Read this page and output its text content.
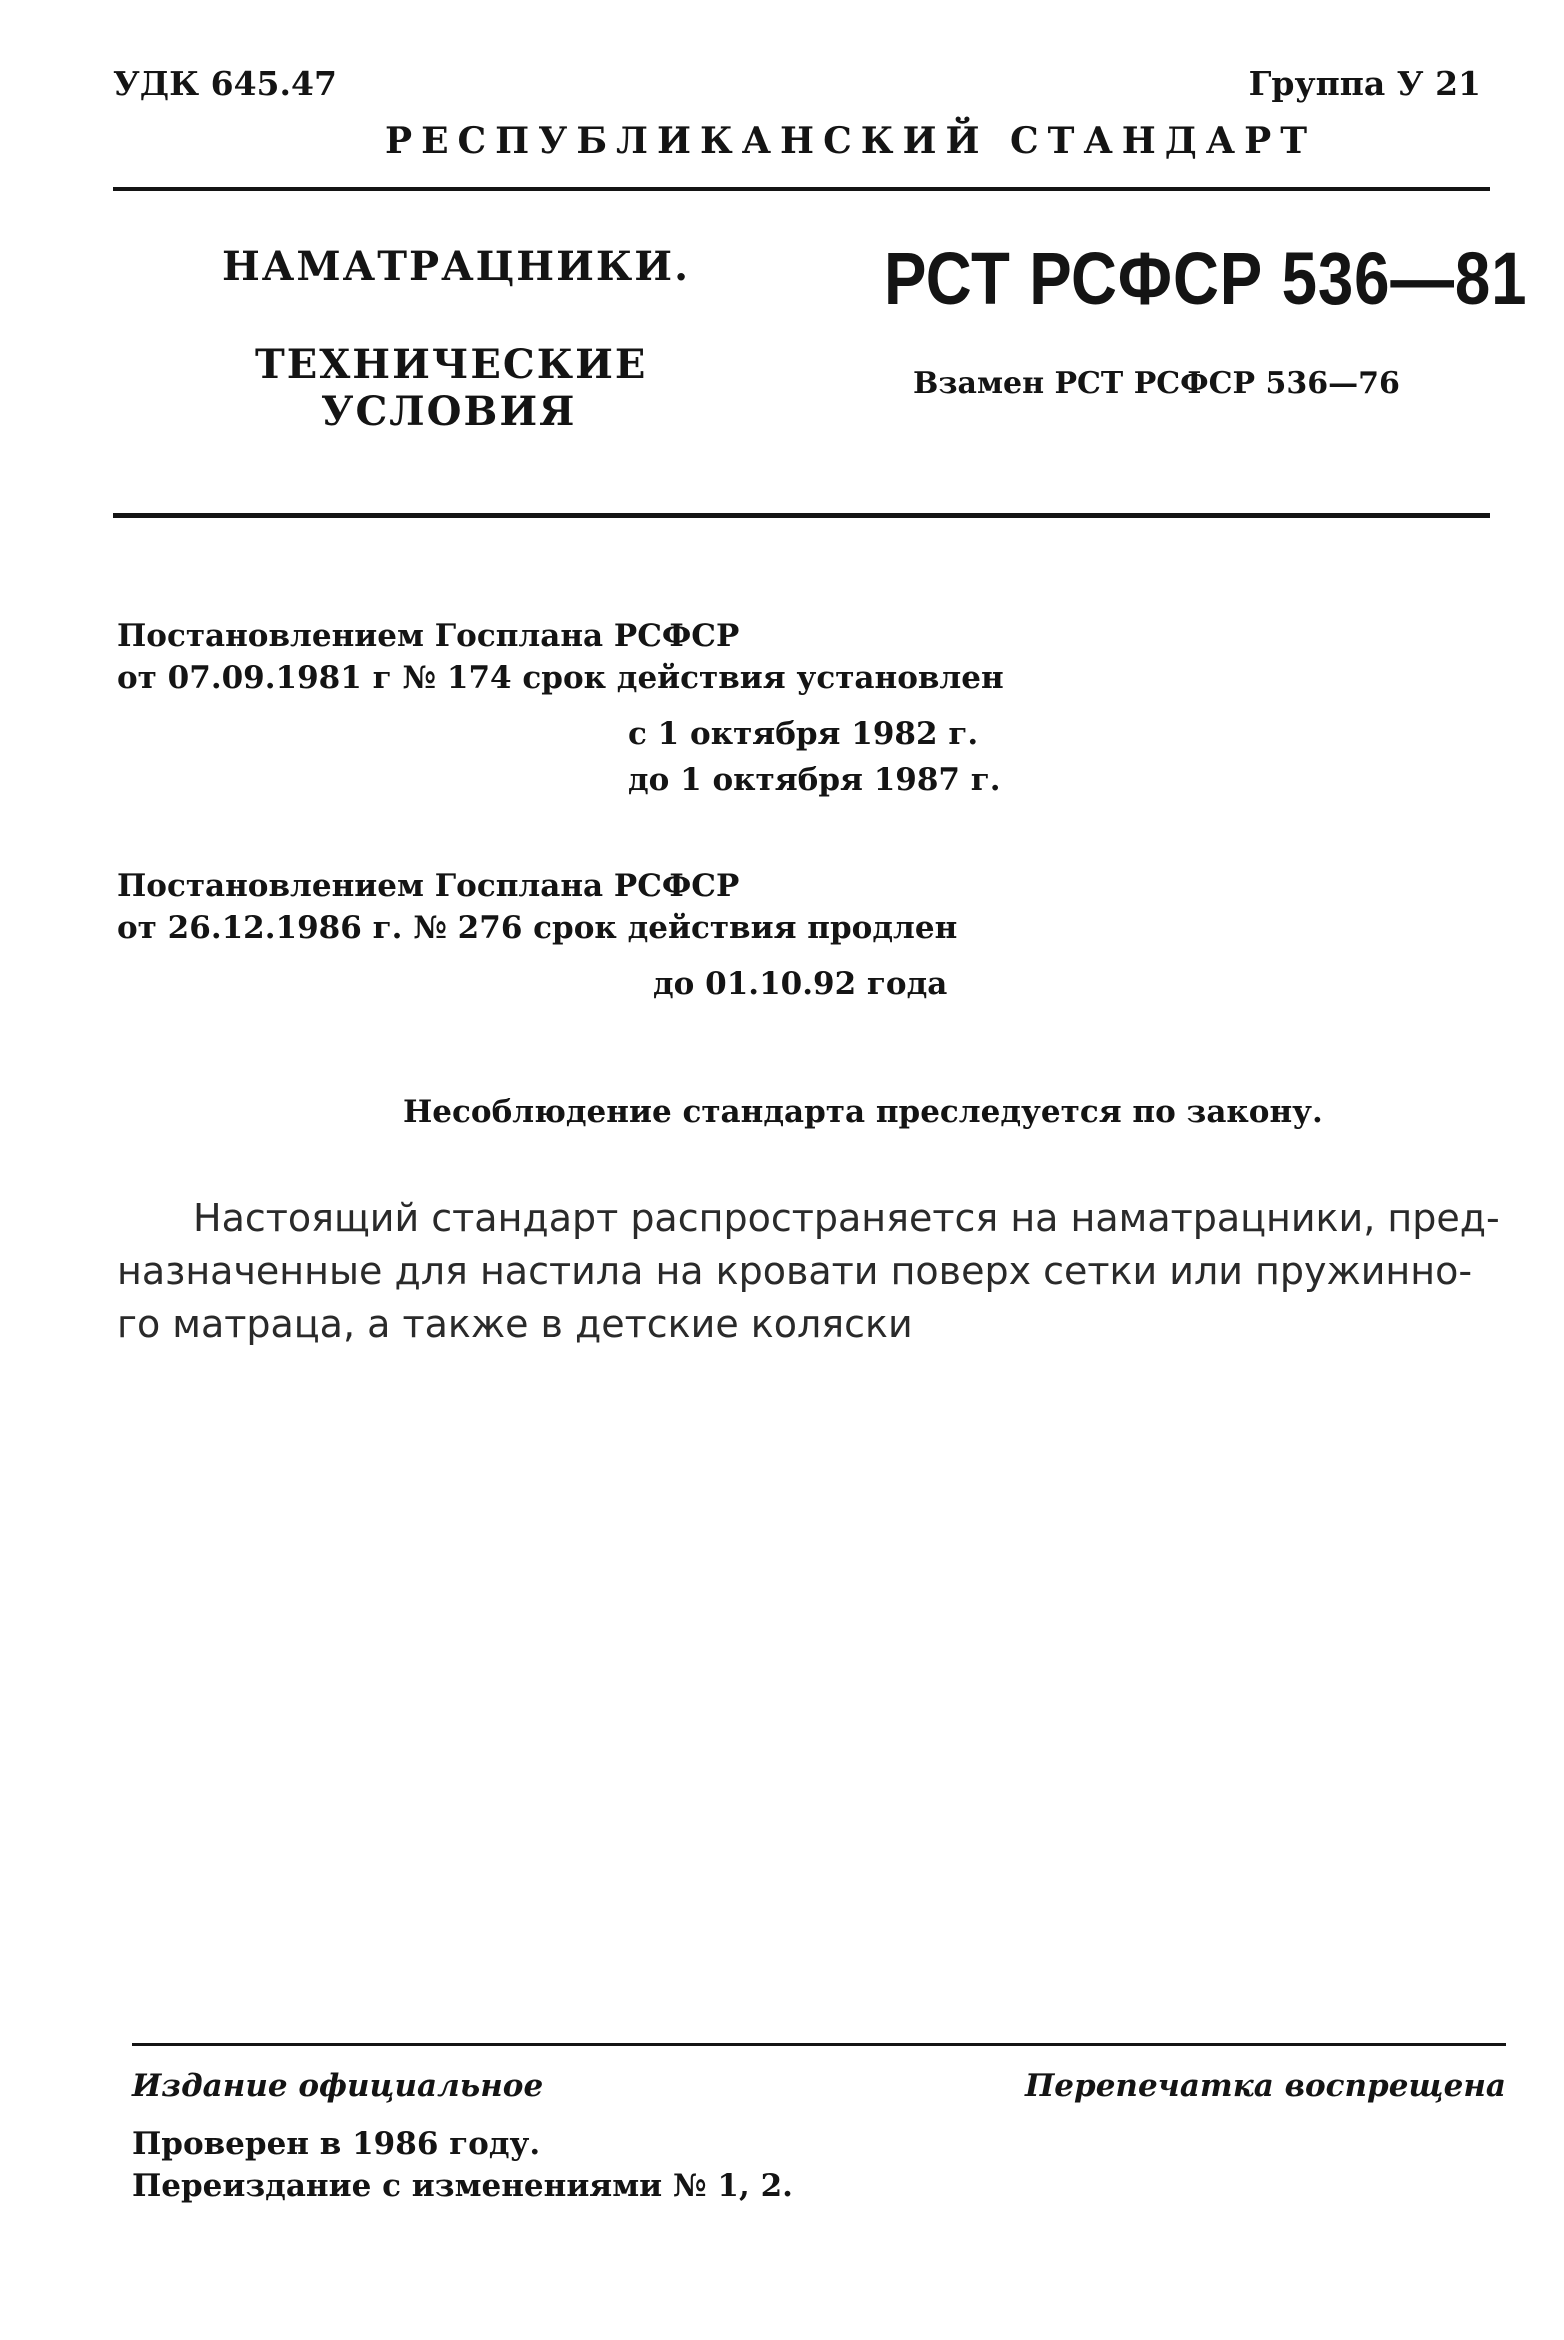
УДК 645.47	Группа У 21
РЕСПУБЛИКАНСКИЙ СТАНДАРТ
НАМАТРАЦНИКИ.
ТЕХНИЧЕСКИЕ
УСЛОВИЯ
РСТ РСФСР 536—81
Взамен РСТ РСФСР 536—76
Постановлением Госплана РСФСР
от 07.09.1981 г № 174 срок действия установлен
с 1 октября 1982 г.
до 1 октября 1987 г.
Постановлением Госплана РСФСР
от 26.12.1986 г. № 276 срок действия продлен
до 01.10.92 года
Несоблюдение стандарта преследуется по закону.
Настоящий стандарт распространяется на наматрацники, пред-
назначенные для настила на кровати поверх сетки или пружинно-
го матраца, а также в детские коляски
Издание официальное	Перепечатка воспрещена
Проверен в 1986 году.
Переиздание с изменениями № 1, 2.
